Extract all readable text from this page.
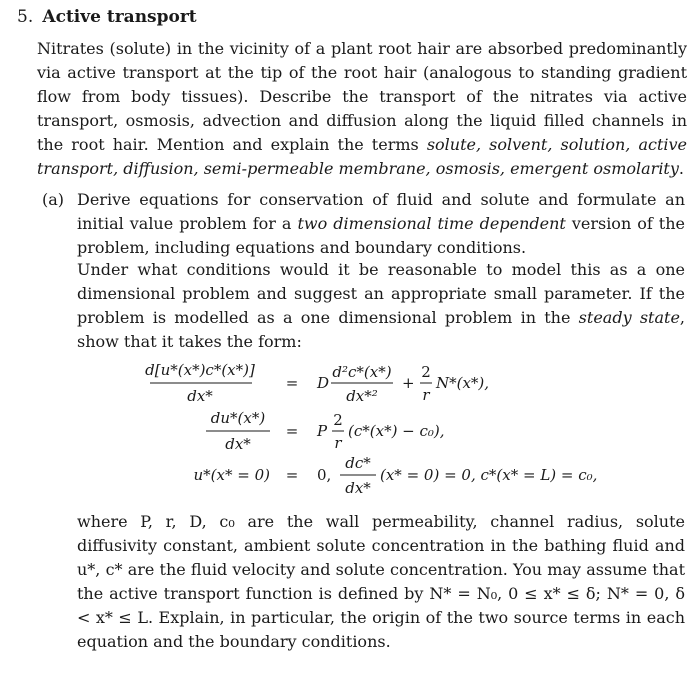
5. Active transport
Nitrates (solute) in the vicinity of a plant root hair are absorbed predominantly via active transport at the tip of the root hair (analogous to standing gradient flow from body tissues). Describe the transport of the nitrates via active transport, osmosis, advection and diffusion along the liquid filled channels in the root hair. Mention and explain the terms solute, solvent, solution, active transport, diffusion, semi-permeable membrane, osmosis, emergent osmolarity.
(a) Derive equations for conservation of fluid and solute and formulate an initial value problem for a two dimensional time dependent version of the problem, including equations and boundary conditions.
Under what conditions would it be reasonable to model this as a one dimensional problem and suggest an appropriate small parameter. If the problem is modelled as a one dimensional problem in the steady state, show that it takes the form:
d[u*(x*)c*(x*)]
dx*
= D
d²c*(x*)
dx*²
+
2
r
N*(x*),
du*(x*)
dx*
= P
2
r
(c*(x*) − c₀),
u*(x* = 0) = 0,
dc*
dx*
(x* = 0) = 0, c*(x* = L) = c₀,
where P, r, D, c₀ are the wall permeability, channel radius, solute diffusivity constant, ambient solute concentration in the bathing fluid and u*, c* are the fluid velocity and solute concentration. You may assume that the active transport function is defined by N* = N₀, 0 ≤ x* ≤ δ; N* = 0, δ < x* ≤ L. Explain, in particular, the origin of the two source terms in each equation and the boundary conditions.
